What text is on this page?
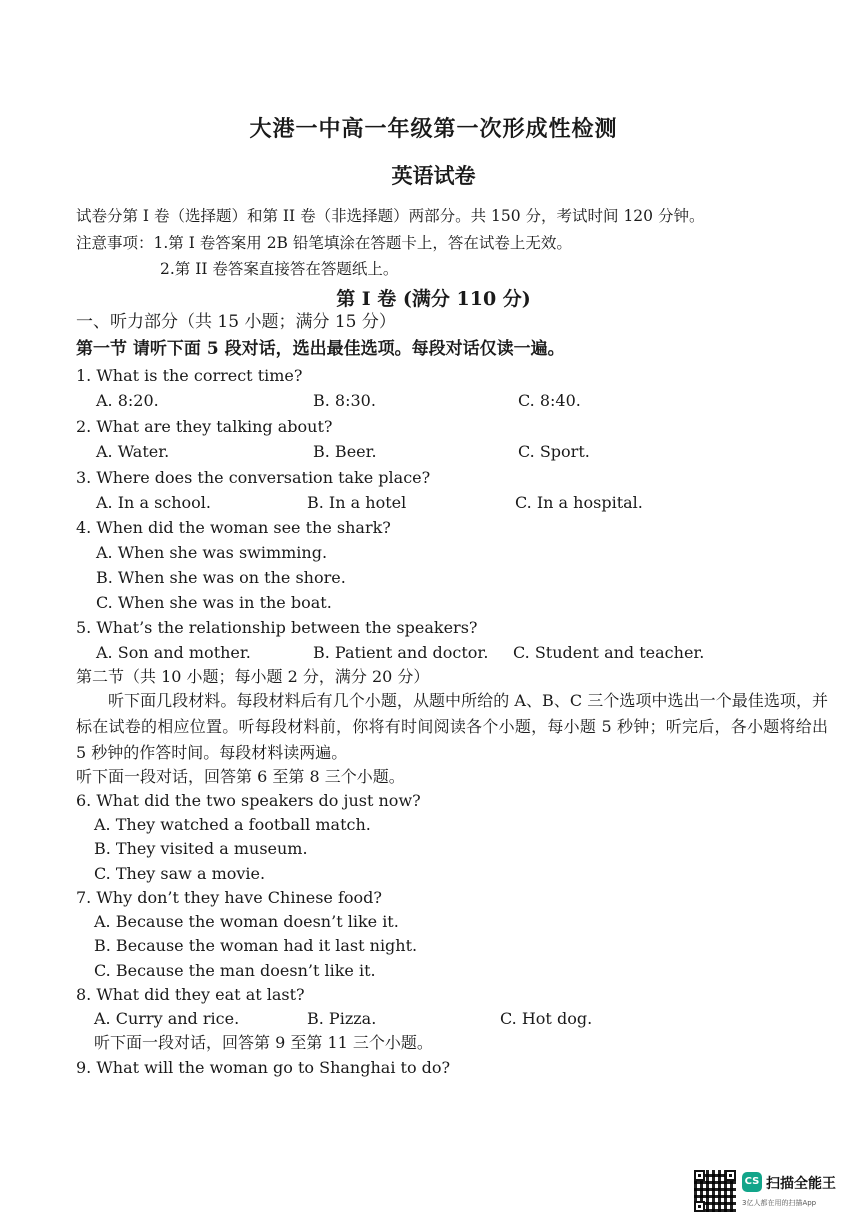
大港一中高一年级第一次形成性检测
英语试卷
试卷分第 I 卷（选择题）和第 II 卷（非选择题）两部分。共 150 分，考试时间 120 分钟。
注意事项：1.第 I 卷答案用 2B 铅笔填涂在答题卡上，答在试卷上无效。
2.第 II 卷答案直接答在答题纸上。
第 I 卷 (满分 110 分)
一、听力部分（共 15 小题；满分 15 分）
第一节 请听下面 5 段对话，选出最佳选项。每段对话仅读一遍。
1. What is the correct time?
A. 8:20.	B. 8:30.	C. 8:40.
2. What are they talking about?
A. Water.	B. Beer.	C. Sport.
3. Where does the conversation take place?
A. In a school.	B. In a hotel	C. In a hospital.
4. When did the woman see the shark?
A. When she was swimming.
B. When she was on the shore.
C. When she was in the boat.
5. What’s the relationship between the speakers?
A. Son and mother.	B. Patient and doctor. C. Student and teacher.
第二节（共 10 小题；每小题 2 分，满分 20 分）
听下面几段材料。每段材料后有几个小题，从题中所给的 A、B、C 三个选项中选出一个最佳选项，并标在试卷的相应位置。听每段材料前，你将有时间阅读各个小题，每小题 5 秒钟；听完后，各小题将给出 5 秒钟的作答时间。每段材料读两遍。
听下面一段对话，回答第 6 至第 8 三个小题。
6. What did the two speakers do just now?
A. They watched a football match.
B. They visited a museum.
C. They saw a movie.
7. Why don’t they have Chinese food?
A. Because the woman doesn’t like it.
B. Because the woman had it last night.
C. Because the man doesn’t like it.
8. What did they eat at last?
A. Curry and rice.	B. Pizza.	C. Hot dog.
听下面一段对话，回答第 9 至第 11 三个小题。
9. What will the woman go to Shanghai to do?
CS 扫描全能王
3亿人都在用的扫描App
